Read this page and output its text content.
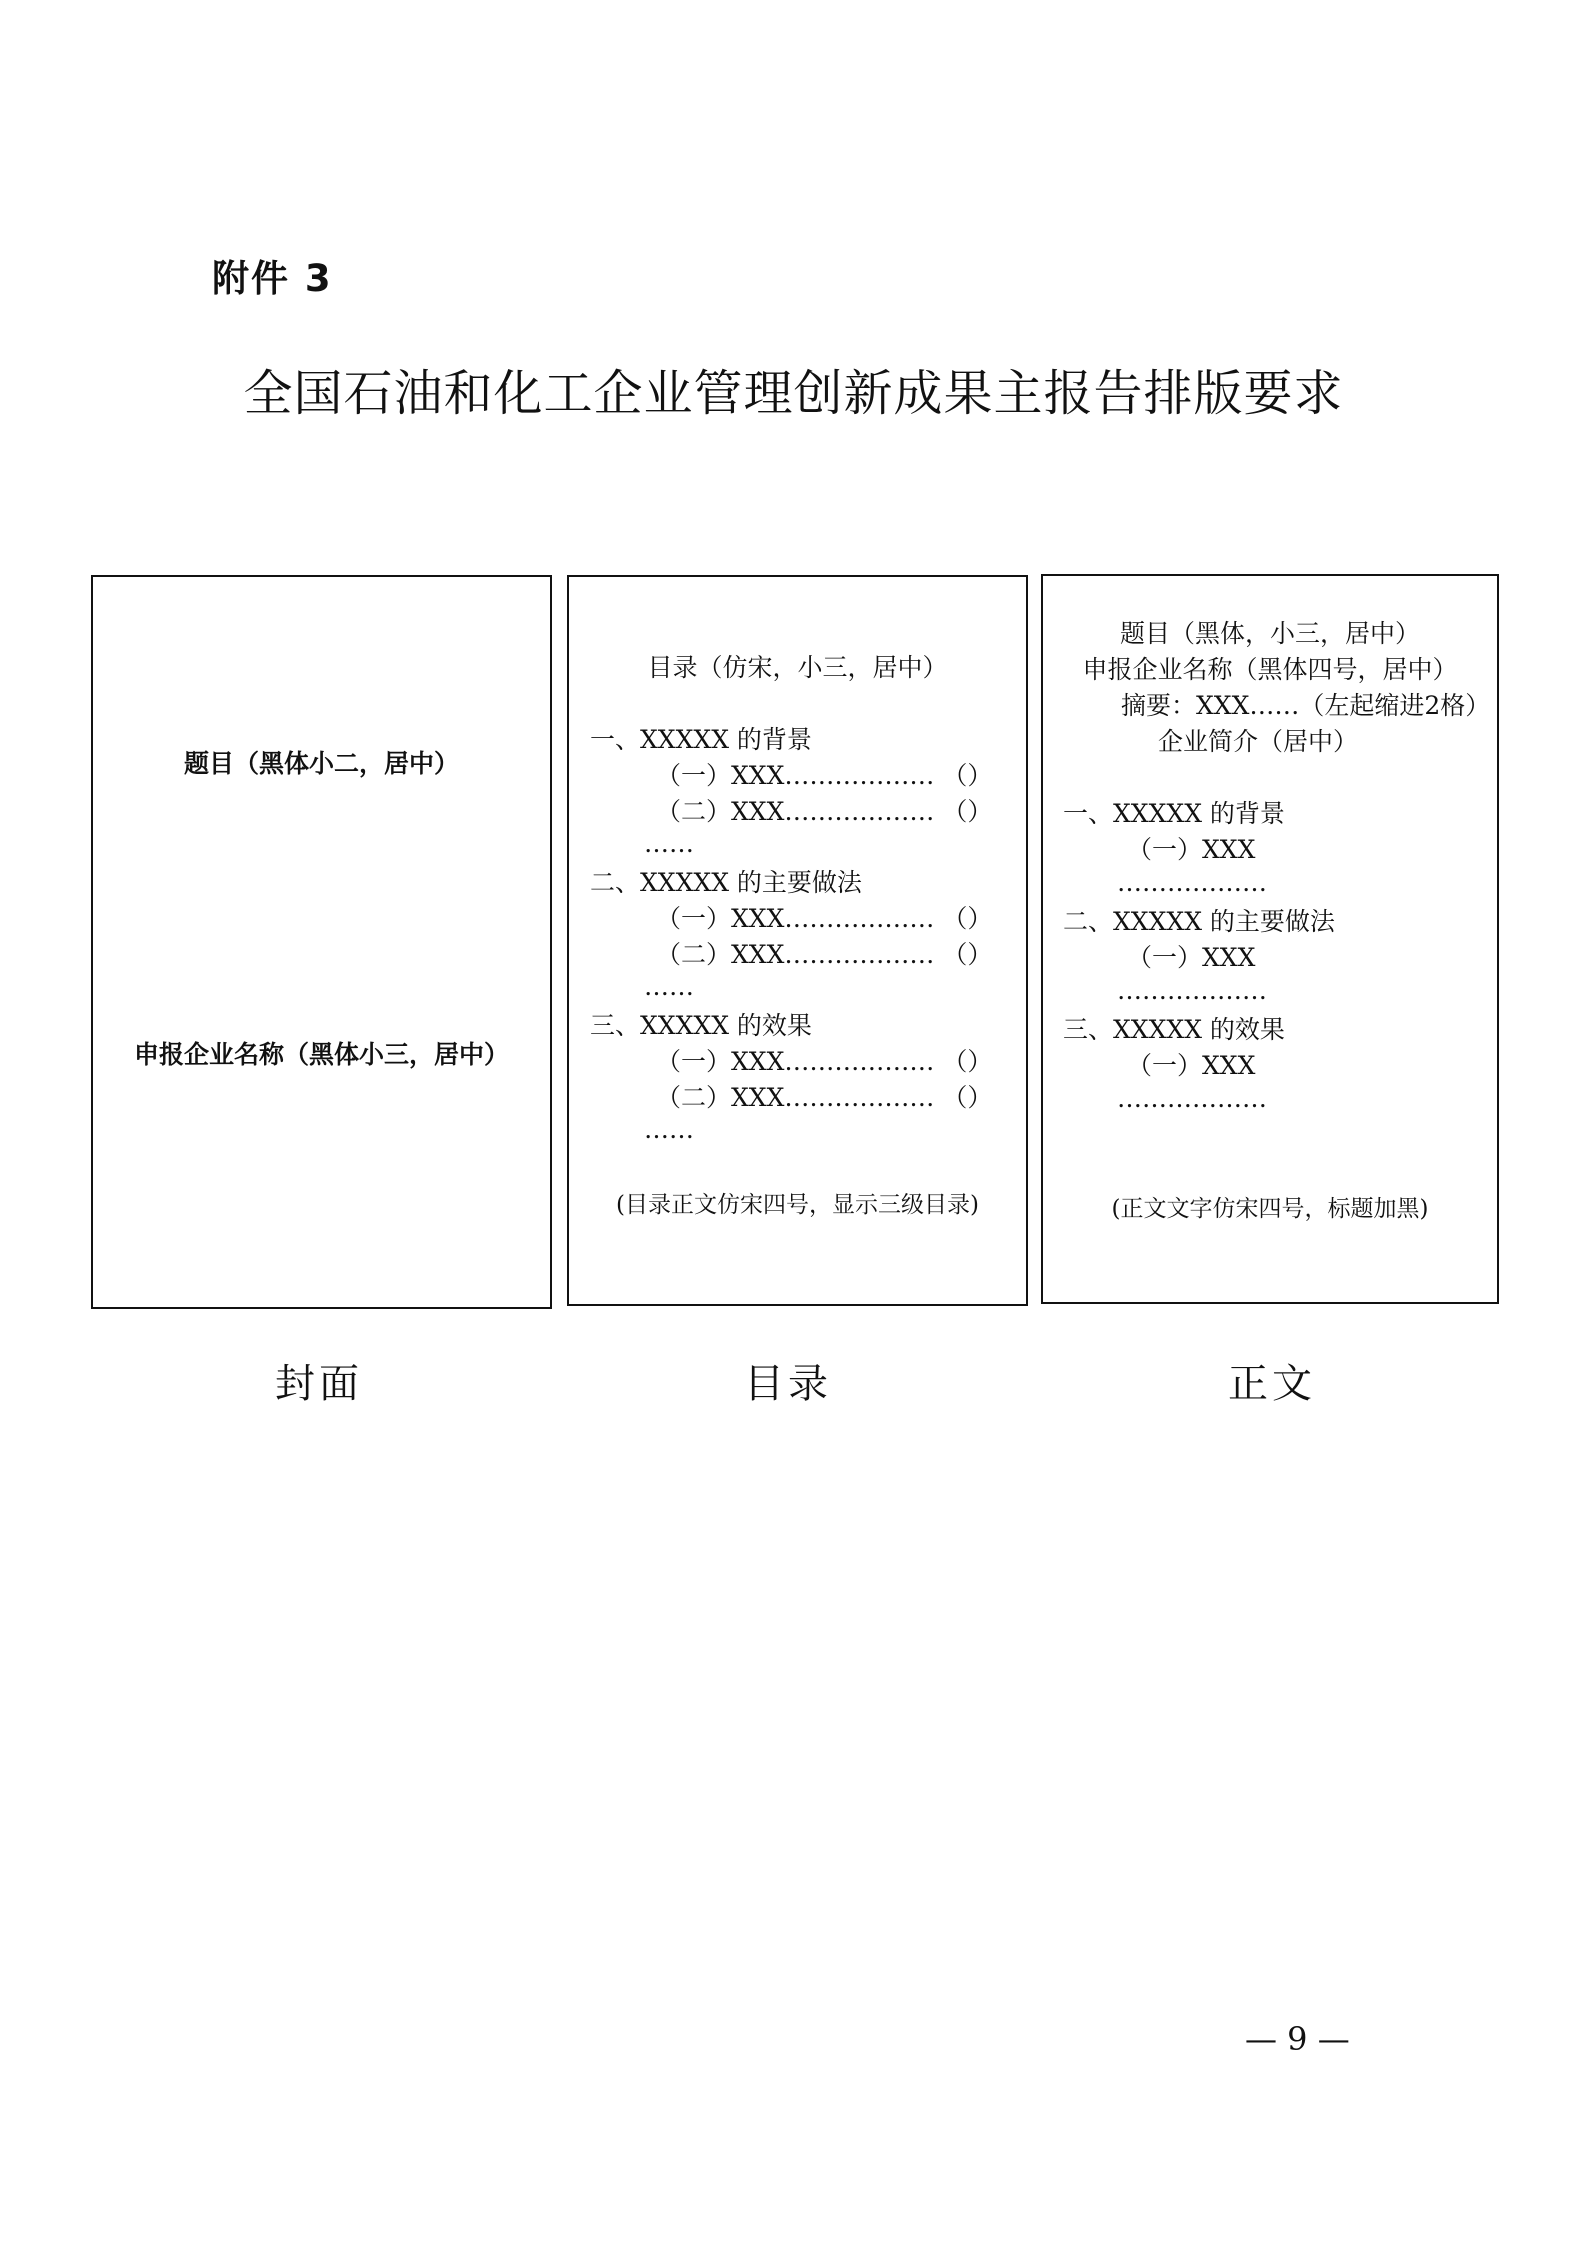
附件 3
全国石油和化工企业管理创新成果主报告排版要求
题目（黑体小二，居中）
申报企业名称（黑体小三，居中）
目录（仿宋，小三，居中）
一、XXXXX 的背景
（一）XXX……………… （）
（二）XXX……………… （）
……
二、XXXXX 的主要做法
（一）XXX……………… （）
（二）XXX……………… （）
……
三、XXXXX 的效果
（一）XXX……………… （）
（二）XXX……………… （）
……
(目录正文仿宋四号，显示三级目录)
题目（黑体，小三，居中）
申报企业名称（黑体四号，居中）
摘要：XXX……（左起缩进2格）
企业简介（居中）
一、XXXXX 的背景
（一）XXX
………………
二、XXXXX 的主要做法
（一）XXX
………………
三、XXXXX 的效果
（一）XXX
………………
(正文文字仿宋四号，标题加黑)
封面	目录	正文
— 9 —
